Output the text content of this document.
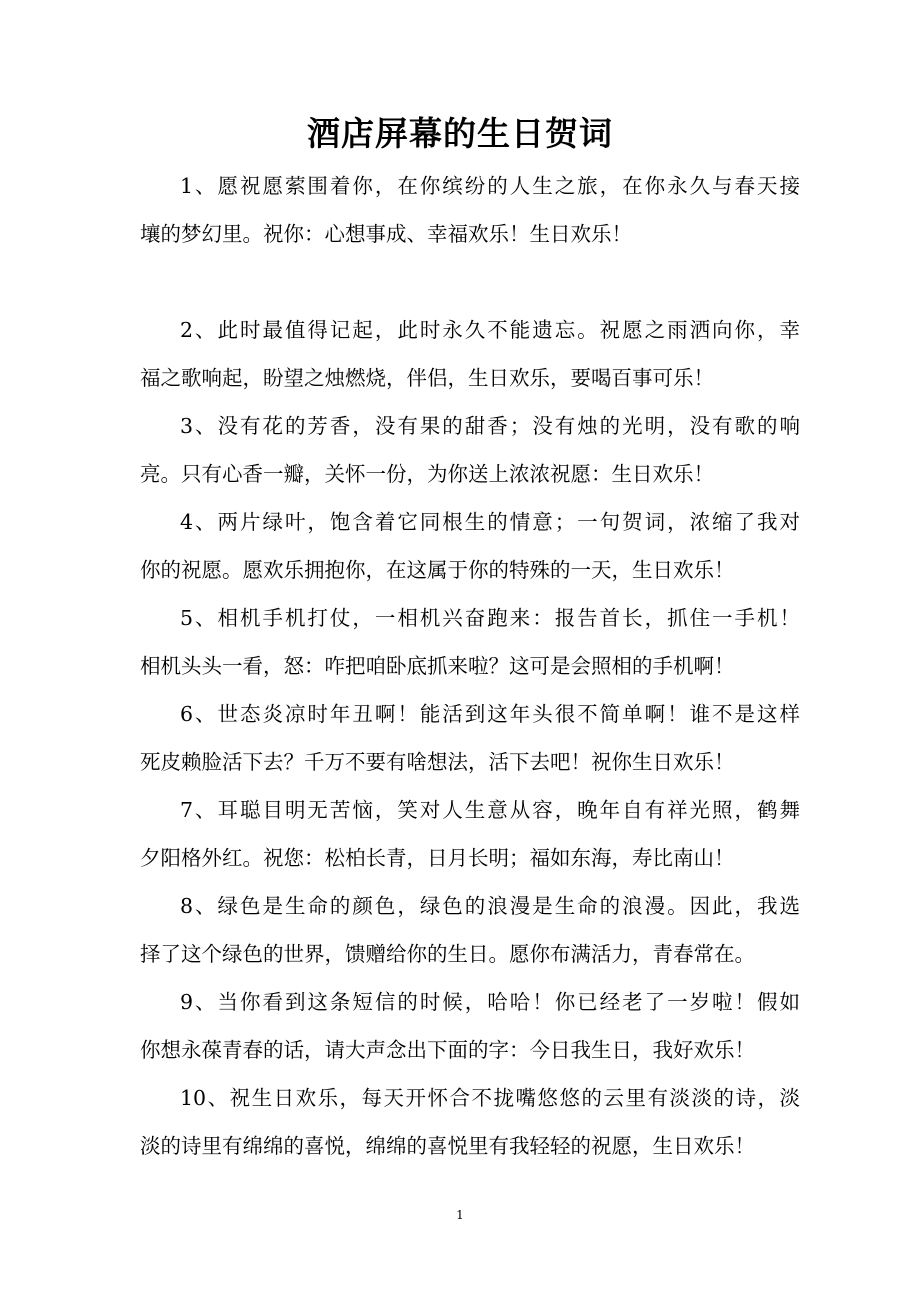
酒店屏幕的生日贺词
1、愿祝愿萦围着你，在你缤纷的人生之旅，在你永久与春天接
壤的梦幻里。祝你：心想事成、幸福欢乐！生日欢乐！
2、此时最值得记起，此时永久不能遗忘。祝愿之雨洒向你，幸
福之歌响起，盼望之烛燃烧，伴侣，生日欢乐，要喝百事可乐！
3、没有花的芳香，没有果的甜香；没有烛的光明，没有歌的响
亮。只有心香一瓣，关怀一份，为你送上浓浓祝愿：生日欢乐！
4、两片绿叶，饱含着它同根生的情意；一句贺词，浓缩了我对
你的祝愿。愿欢乐拥抱你，在这属于你的特殊的一天，生日欢乐！
5、相机手机打仗，一相机兴奋跑来：报告首长，抓住一手机！
相机头头一看，怒：咋把咱卧底抓来啦？这可是会照相的手机啊！
6、世态炎凉时年丑啊！能活到这年头很不简单啊！谁不是这样
死皮赖脸活下去？千万不要有啥想法，活下去吧！祝你生日欢乐！
7、耳聪目明无苦恼，笑对人生意从容，晚年自有祥光照，鹤舞
夕阳格外红。祝您：松柏长青，日月长明；福如东海，寿比南山！
8、绿色是生命的颜色，绿色的浪漫是生命的浪漫。因此，我选
择了这个绿色的世界，馈赠给你的生日。愿你布满活力，青春常在。
9、当你看到这条短信的时候，哈哈！你已经老了一岁啦！假如
你想永葆青春的话，请大声念出下面的字：今日我生日，我好欢乐！
10、祝生日欢乐，每天开怀合不拢嘴悠悠的云里有淡淡的诗，淡
淡的诗里有绵绵的喜悦，绵绵的喜悦里有我轻轻的祝愿，生日欢乐！
1
